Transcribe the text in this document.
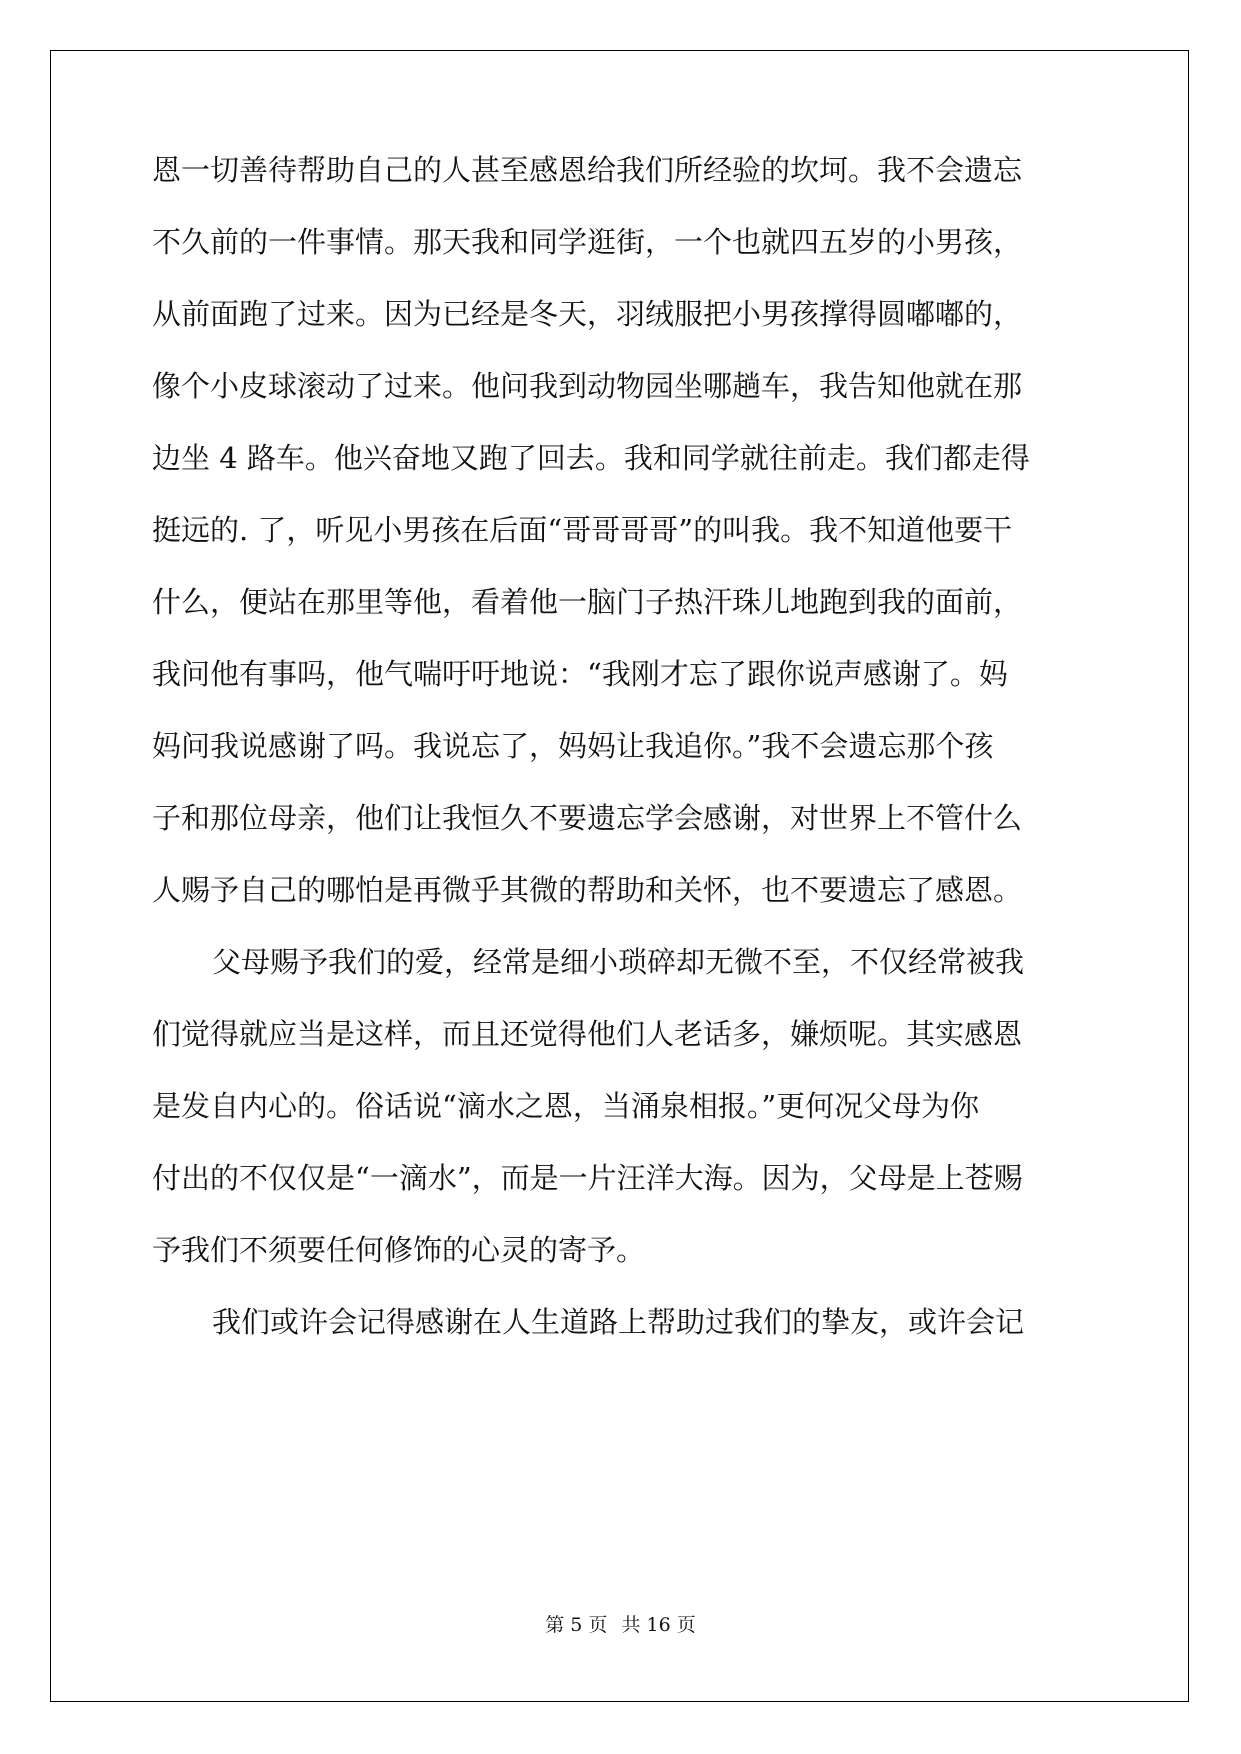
恩一切善待帮助自己的人甚至感恩给我们所经验的坎坷。我不会遗忘
不久前的一件事情。那天我和同学逛街，一个也就四五岁的小男孩，
从前面跑了过来。因为已经是冬天，羽绒服把小男孩撑得圆嘟嘟的，
像个小皮球滚动了过来。他问我到动物园坐哪趟车，我告知他就在那
边坐 4 路车。他兴奋地又跑了回去。我和同学就往前走。我们都走得
挺远的. 了，听见小男孩在后面“哥哥哥哥”的叫我。我不知道他要干
什么，便站在那里等他，看着他一脑门子热汗珠儿地跑到我的面前，
我问他有事吗，他气喘吁吁地说：“我刚才忘了跟你说声感谢了。妈
妈问我说感谢了吗。我说忘了，妈妈让我追你。”我不会遗忘那个孩
子和那位母亲，他们让我恒久不要遗忘学会感谢，对世界上不管什么
人赐予自己的哪怕是再微乎其微的帮助和关怀，也不要遗忘了感恩。
父母赐予我们的爱，经常是细小琐碎却无微不至，不仅经常被我
们觉得就应当是这样，而且还觉得他们人老话多，嫌烦呢。其实感恩
是发自内心的。俗话说“滴水之恩，当涌泉相报。”更何况父母为你
付出的不仅仅是“一滴水”，而是一片汪洋大海。因为，父母是上苍赐
予我们不须要任何修饰的心灵的寄予。
我们或许会记得感谢在人生道路上帮助过我们的挚友，或许会记
第 5 页 共 16 页
